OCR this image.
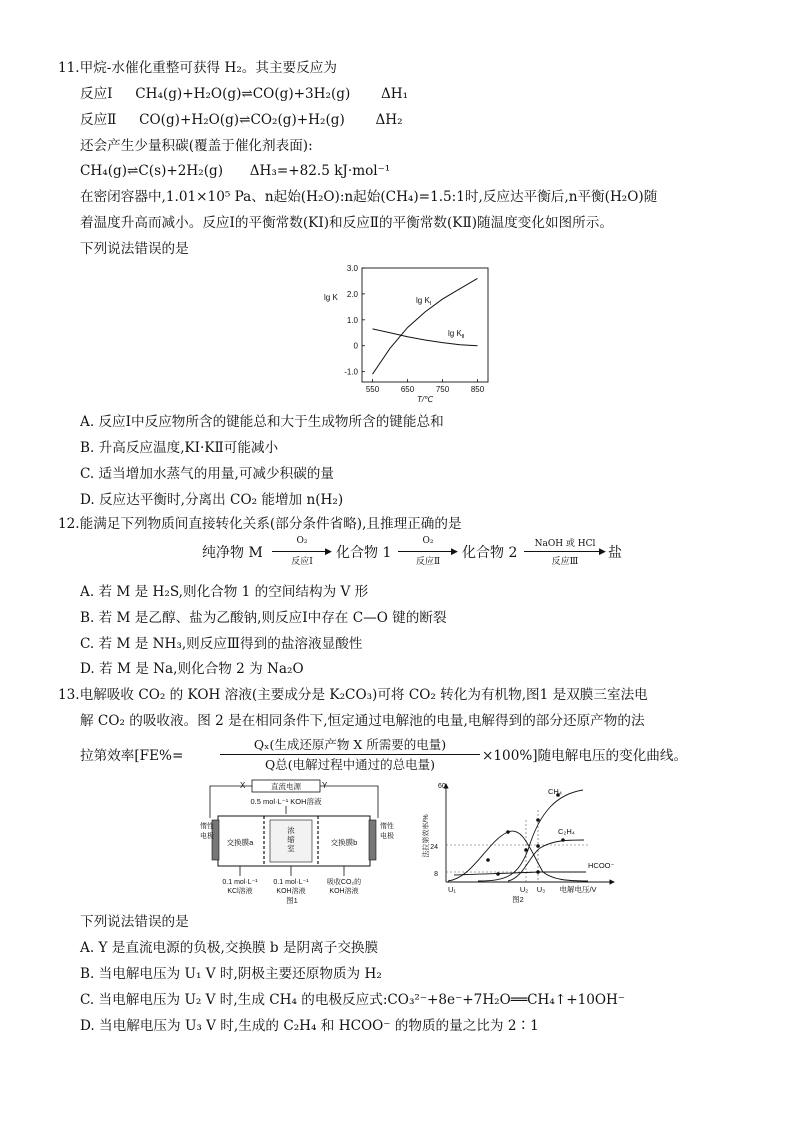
11.甲烷-水催化重整可获得 H₂。其主要反应为
反应Ⅰ CH₄(g)+H₂O(g)⇌CO(g)+3H₂(g) ΔH₁
反应Ⅱ CO(g)+H₂O(g)⇌CO₂(g)+H₂(g) ΔH₂
还会产生少量积碳(覆盖于催化剂表面):
CH₄(g)⇌C(s)+2H₂(g) ΔH₃=+82.5 kJ·mol⁻¹
在密闭容器中,1.01×10⁵ Pa、n起始(H₂O):n起始(CH₄)=1.5:1时,反应达平衡后,n平衡(H₂O)随
着温度升高而减小。反应Ⅰ的平衡常数(KⅠ)和反应Ⅱ的平衡常数(KⅡ)随温度变化如图所示。
下列说法错误的是
-1.0
0
1.0
2.0
3.0
550	650	750	850
lg K
T/℃
$\lg K_Ⅰ$
$\lg K_Ⅱ$
A. 反应Ⅰ中反应物所含的键能总和大于生成物所含的键能总和
B. 升高反应温度,KⅠ·KⅡ可能减小
C. 适当增加水蒸气的用量,可减少积碳的量
D. 反应达平衡时,分离出 CO₂ 能增加 n(H₂)
12.能满足下列物质间直接转化关系(部分条件省略),且推理正确的是
纯净物 M
O₂
▶
反应Ⅰ
化合物 1
O₂
▶
反应Ⅱ
化合物 2
NaOH 或 HCl
▶
反应Ⅲ
盐
A. 若 M 是 H₂S,则化合物 1 的空间结构为 V 形
B. 若 M 是乙醇、盐为乙酸钠,则反应Ⅰ中存在 C—O 键的断裂
C. 若 M 是 NH₃,则反应Ⅲ得到的盐溶液显酸性
D. 若 M 是 Na,则化合物 2 为 Na₂O
13.电解吸收 CO₂ 的 KOH 溶液(主要成分是 K₂CO₃)可将 CO₂ 转化为有机物,图1 是双膜三室法电
解 CO₂ 的吸收液。图 2 是在相同条件下,恒定通过电解池的电量,电解得到的部分还原产物的法
拉第效率[FE%=
Qₓ(生成还原产物 X 所需要的电量)
Q总(电解过程中通过的总电量)
×100%]随电解电压的变化曲线。
X	Y
直流电源
0.5 mol·L⁻¹ KOH溶液
惰性电极
惰性电极
交换膜a
浓缩室
交换膜b
0.1 mol·L⁻¹
KCl溶液
0.1 mol·L⁻¹
KOH溶液
吸收CO₂的
KOH溶液
图1
法拉第效率/%
60
24
8
CH₄
C₂H₄
HCOO⁻
U₁	U₂ U₃ 电解电压/V
图2
下列说法错误的是
A. Y 是直流电源的负极,交换膜 b 是阴离子交换膜
B. 当电解电压为 U₁ V 时,阴极主要还原物质为 H₂
C. 当电解电压为 U₂ V 时,生成 CH₄ 的电极反应式:CO₃²⁻+8e⁻+7H₂O══CH₄↑+10OH⁻
D. 当电解电压为 U₃ V 时,生成的 C₂H₄ 和 HCOO⁻ 的物质的量之比为 2∶1
